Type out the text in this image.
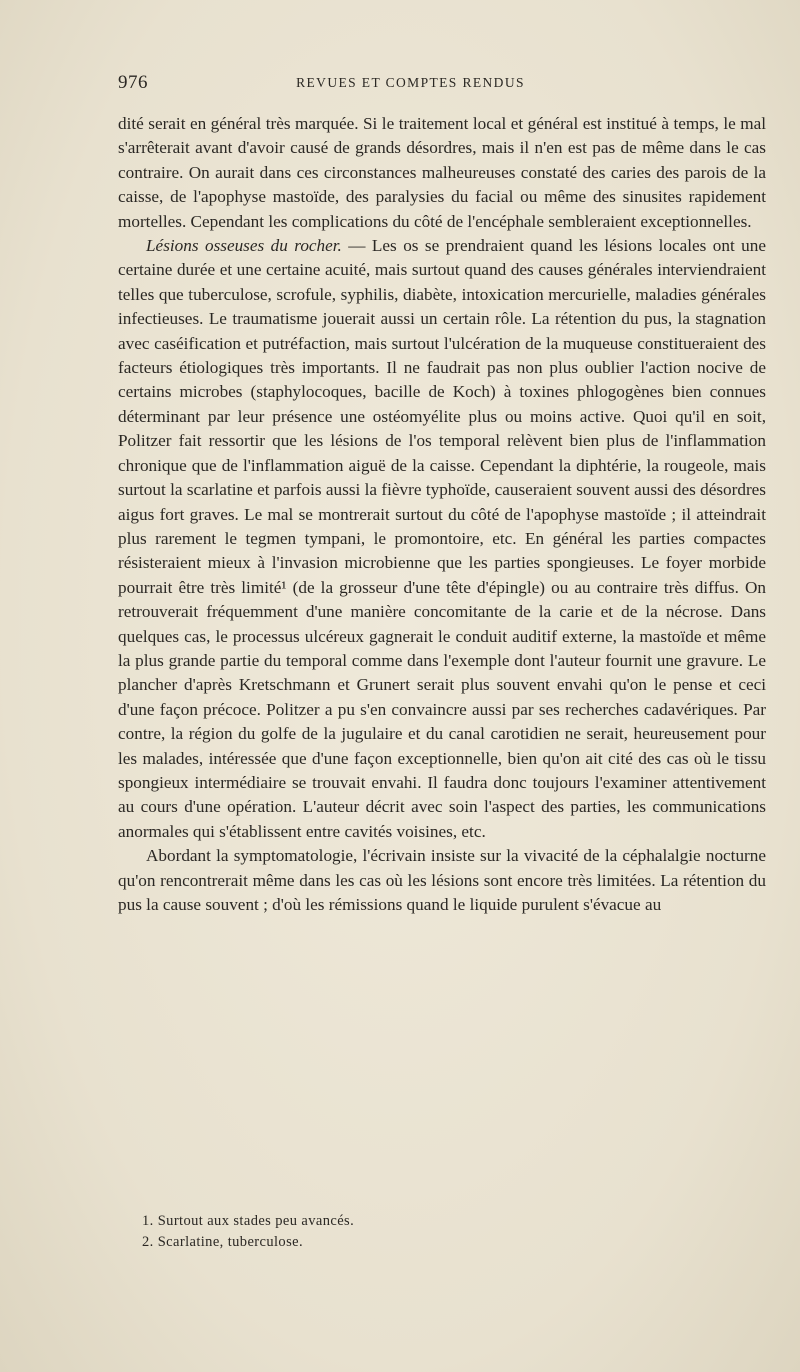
976	REVUES ET COMPTES RENDUS

dité serait en général très marquée. Si le traitement local et général est institué à temps, le mal s'arrêterait avant d'avoir causé de grands désordres, mais il n'en est pas de même dans le cas contraire. On aurait dans ces circonstances malheureuses constaté des caries des parois de la caisse, de l'apophyse mastoïde, des paralysies du facial ou même des sinusites rapidement mortelles. Cependant les complications du côté de l'encéphale sembleraient exceptionnelles.

Lésions osseuses du rocher. — Les os se prendraient quand les lésions locales ont une certaine durée et une certaine acuité, mais surtout quand des causes générales interviendraient telles que tuberculose, scrofule, syphilis, diabète, intoxication mercurielle, maladies générales infectieuses. Le traumatisme jouerait aussi un certain rôle. La rétention du pus, la stagnation avec caséification et putréfaction, mais surtout l'ulcération de la muqueuse constitueraient des facteurs étiologiques très importants. Il ne faudrait pas non plus oublier l'action nocive de certains microbes (staphylocoques, bacille de Koch) à toxines phlogogènes bien connues déterminant par leur présence une ostéomyélite plus ou moins active. Quoi qu'il en soit, Politzer fait ressortir que les lésions de l'os temporal relèvent bien plus de l'inflammation chronique que de l'inflammation aiguë de la caisse. Cependant la diphtérie, la rougeole, mais surtout la scarlatine et parfois aussi la fièvre typhoïde, causeraient souvent aussi des désordres aigus fort graves. Le mal se montrerait surtout du côté de l'apophyse mastoïde ; il atteindrait plus rarement le tegmen tympani, le promontoire, etc. En général les parties compactes résisteraient mieux à l'invasion microbienne que les parties spongieuses. Le foyer morbide pourrait être très limité¹ (de la grosseur d'une tête d'épingle) ou au contraire très diffus. On retrouverait fréquemment d'une manière concomitante de la carie et de la nécrose. Dans quelques cas, le processus ulcéreux gagnerait le conduit auditif externe, la mastoïde et même la plus grande partie du temporal comme dans l'exemple dont l'auteur fournit une gravure. Le plancher d'après Kretschmann et Grunert serait plus souvent envahi qu'on le pense et ceci d'une façon précoce. Politzer a pu s'en convaincre aussi par ses recherches cadavériques. Par contre, la région du golfe de la jugulaire et du canal carotidien ne serait, heureusement pour les malades, intéressée que d'une façon exceptionnelle, bien qu'on ait cité des cas où le tissu spongieux intermédiaire se trouvait envahi. Il faudra donc toujours l'examiner attentivement au cours d'une opération. L'auteur décrit avec soin l'aspect des parties, les communications anormales qui s'établissent entre cavités voisines, etc.

Abordant la symptomatologie, l'écrivain insiste sur la vivacité de la céphalalgie nocturne qu'on rencontrerait même dans les cas où les lésions sont encore très limitées. La rétention du pus la cause souvent ; d'où les rémissions quand le liquide purulent s'évacue au

1. Surtout aux stades peu avancés.

2. Scarlatine, tuberculose.
